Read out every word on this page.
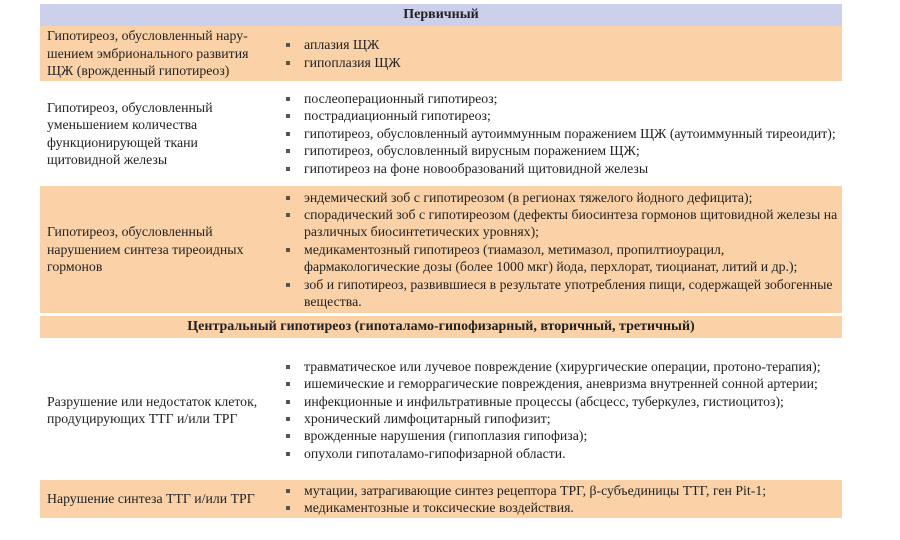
Первичный
Гипотиреоз, обусловленный нару-шением эмбрионального развития ЩЖ (врожденный гипотиреоз)
аплазия ЩЖ
гипоплазия ЩЖ
Гипотиреоз, обусловленный уменьшением количества функционирующей ткани щитовидной железы
послеоперационный гипотиреоз;
пострадиационный гипотиреоз;
гипотиреоз, обусловленный аутоиммунным поражением ЩЖ (аутоиммунный тиреоидит);
гипотиреоз, обусловленный вирусным поражением ЩЖ;
гипотиреоз на фоне новообразований щитовидной железы
Гипотиреоз, обусловленный нарушением синтеза тиреоидных гормонов
эндемический зоб с гипотиреозом (в регионах тяжелого йодного дефицита);
спорадический зоб с гипотиреозом (дефекты биосинтеза гормонов щитовидной железы на различных биосинтетических уровнях);
медикаментозный гипотиреоз (тиамазол, метимазол, пропилтиоурацил, фармакологические дозы (более 1000 мкг) йода, перхлорат, тиоцианат, литий и др.);
зоб и гипотиреоз, развившиеся в результате употребления пищи, содержащей зобогенные вещества.
Центральный гипотиреоз (гипоталамо-гипофизарный, вторичный, третичный)
Разрушение или недостаток клеток, продуцирующих ТТГ и/или ТРГ
травматическое или лучевое повреждение (хирургические операции, протоно-терапия);
ишемические и геморрагические повреждения, аневризма внутренней сонной артерии;
инфекционные и инфильтративные процессы (абсцесс, туберкулез, гистиоцитоз);
хронический лимфоцитарный гипофизит;
врожденные нарушения (гипоплазия гипофиза);
опухоли гипоталамо-гипофизарной области.
Нарушение синтеза ТТГ и/или ТРГ
мутации, затрагивающие синтез рецептора ТРГ, β-субъединицы ТТГ, ген Pit-1;
медикаментозные и токсические воздействия.
